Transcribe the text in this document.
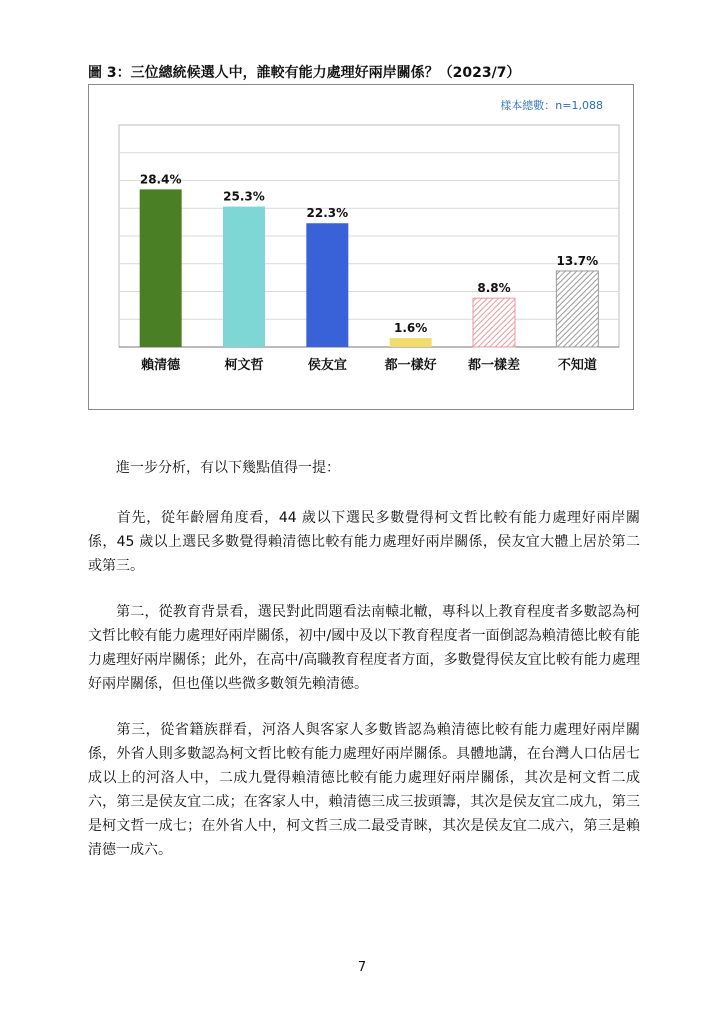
圖 3：三位總統候選人中，誰較有能力處理好兩岸關係？（2023/7）
樣本總數：n=1,088
28.4%
賴清德
25.3%
柯文哲
22.3%
侯友宜
1.6%
都一樣好
8.8%
都一樣差
13.7%
不知道
進一步分析，有以下幾點值得一提：
首先，從年齡層角度看，44 歲以下選民多數覺得柯文哲比較有能力處理好兩岸關係，45 歲以上選民多數覺得賴清德比較有能力處理好兩岸關係，侯友宜大體上居於第二或第三。
第二，從教育背景看，選民對此問題看法南轅北轍，專科以上教育程度者多數認為柯文哲比較有能力處理好兩岸關係，初中/國中及以下教育程度者一面倒認為賴清德比較有能力處理好兩岸關係；此外，在高中/高職教育程度者方面，多數覺得侯友宜比較有能力處理好兩岸關係，但也僅以些微多數領先賴清德。
第三，從省籍族群看，河洛人與客家人多數皆認為賴清德比較有能力處理好兩岸關係，外省人則多數認為柯文哲比較有能力處理好兩岸關係。具體地講，在台灣人口佔居七成以上的河洛人中，二成九覺得賴清德比較有能力處理好兩岸關係，其次是柯文哲二成六，第三是侯友宜二成；在客家人中，賴清德三成三拔頭籌，其次是侯友宜二成九，第三是柯文哲一成七；在外省人中，柯文哲三成二最受青睞，其次是侯友宜二成六，第三是賴清德一成六。
7
